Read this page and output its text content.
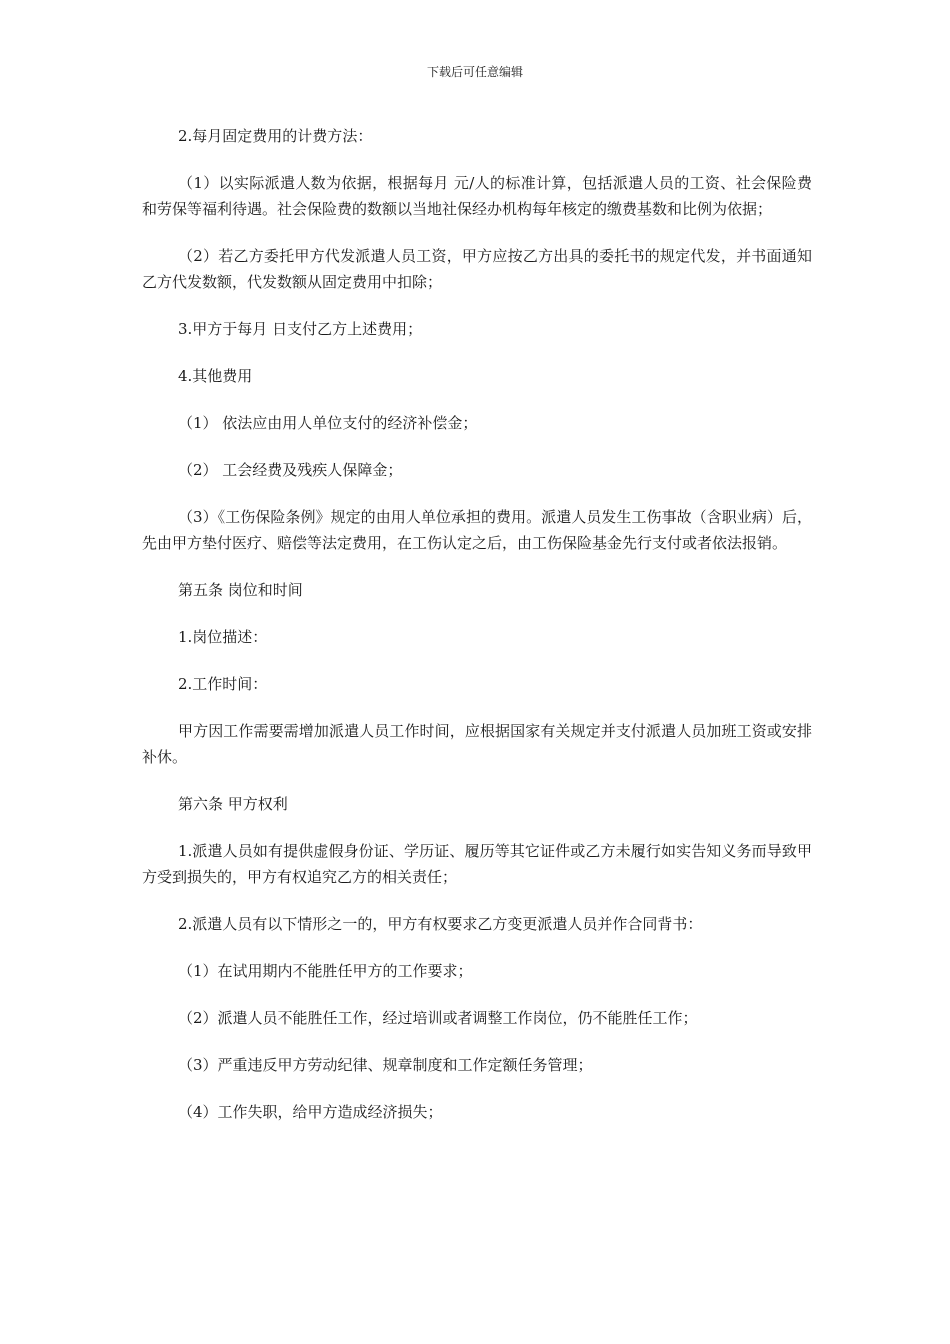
下载后可任意编辑

2.每月固定费用的计费方法：

（1）以实际派遣人数为依据，根据每月 元/人的标准计算，包括派遣人员的工资、社会保险费和劳保等福利待遇。社会保险费的数额以当地社保经办机构每年核定的缴费基数和比例为依据；

（2）若乙方委托甲方代发派遣人员工资，甲方应按乙方出具的委托书的规定代发，并书面通知乙方代发数额，代发数额从固定费用中扣除；

3.甲方于每月 日支付乙方上述费用；

4.其他费用

（1） 依法应由用人单位支付的经济补偿金；

（2） 工会经费及残疾人保障金；

（3）《工伤保险条例》规定的由用人单位承担的费用。派遣人员发生工伤事故（含职业病）后，先由甲方垫付医疗、赔偿等法定费用，在工伤认定之后，由工伤保险基金先行支付或者依法报销。

第五条 岗位和时间

1.岗位描述：

2.工作时间：

甲方因工作需要需增加派遣人员工作时间，应根据国家有关规定并支付派遣人员加班工资或安排补休。

第六条 甲方权利

1.派遣人员如有提供虚假身份证、学历证、履历等其它证件或乙方未履行如实告知义务而导致甲方受到损失的，甲方有权追究乙方的相关责任；

2.派遣人员有以下情形之一的，甲方有权要求乙方变更派遣人员并作合同背书：

（1）在试用期内不能胜任甲方的工作要求；

（2）派遣人员不能胜任工作，经过培训或者调整工作岗位，仍不能胜任工作；

（3）严重违反甲方劳动纪律、规章制度和工作定额任务管理；

（4）工作失职，给甲方造成经济损失；
